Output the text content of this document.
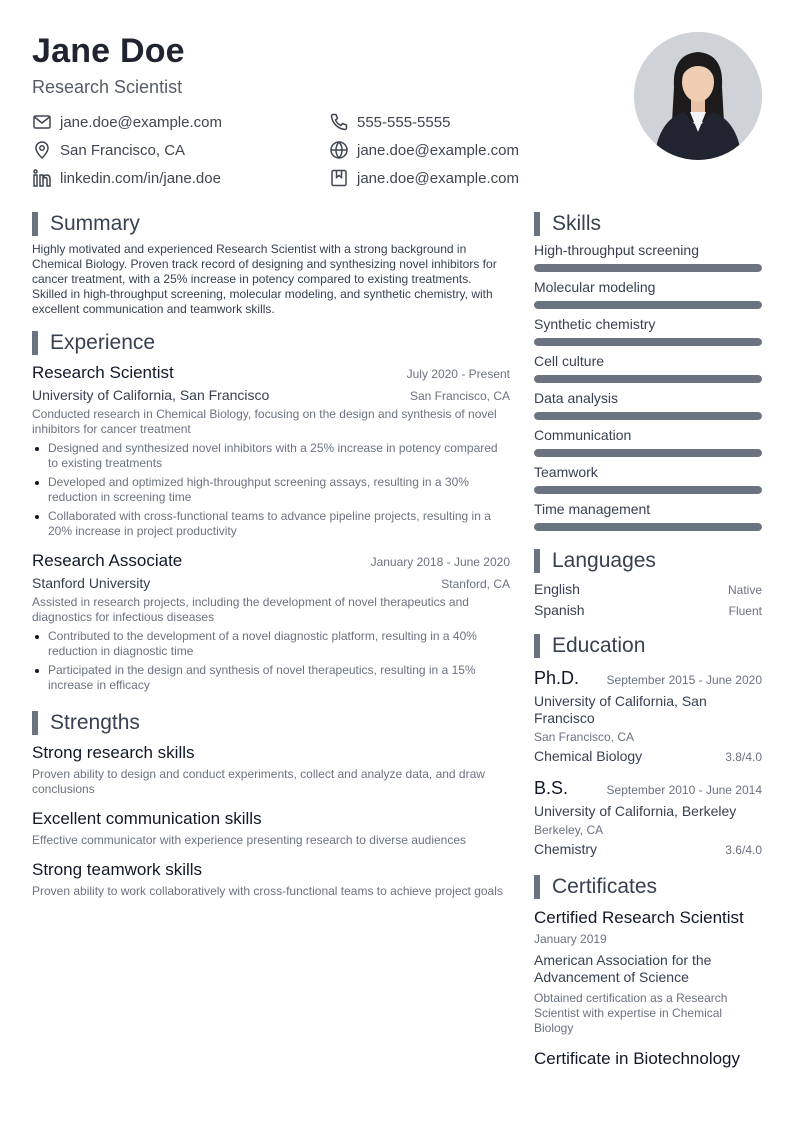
Jane Doe
Research Scientist
jane.doe@example.com	555-555-5555
San Francisco, CA	jane.doe@example.com
linkedin.com/in/jane.doe	jane.doe@example.com
Summary
Highly motivated and experienced Research Scientist with a strong background in Chemical Biology. Proven track record of designing and synthesizing novel inhibitors for cancer treatment, with a 25% increase in potency compared to existing treatments. Skilled in high-throughput screening, molecular modeling, and synthetic chemistry, with excellent communication and teamwork skills.
Experience
Research Scientist	July 2020 - Present
University of California, San Francisco	San Francisco, CA
Conducted research in Chemical Biology, focusing on the design and synthesis of novel inhibitors for cancer treatment
Designed and synthesized novel inhibitors with a 25% increase in potency compared to existing treatments
Developed and optimized high-throughput screening assays, resulting in a 30% reduction in screening time
Collaborated with cross-functional teams to advance pipeline projects, resulting in a 20% increase in project productivity
Research Associate	January 2018 - June 2020
Stanford University	Stanford, CA
Assisted in research projects, including the development of novel therapeutics and diagnostics for infectious diseases
Contributed to the development of a novel diagnostic platform, resulting in a 40% reduction in diagnostic time
Participated in the design and synthesis of novel therapeutics, resulting in a 15% increase in efficacy
Strengths
Strong research skills
Proven ability to design and conduct experiments, collect and analyze data, and draw conclusions
Excellent communication skills
Effective communicator with experience presenting research to diverse audiences
Strong teamwork skills
Proven ability to work collaboratively with cross-functional teams to achieve project goals
Skills
High-throughput screening
Molecular modeling
Synthetic chemistry
Cell culture
Data analysis
Communication
Teamwork
Time management
Languages
English	Native
Spanish	Fluent
Education
Ph.D. September 2015 - June 2020
University of California, San Francisco
San Francisco, CA
Chemical Biology	3.8/4.0
B.S.	September 2010 - June 2014
University of California, Berkeley
Berkeley, CA
Chemistry	3.6/4.0
Certificates
Certified Research Scientist
January 2019
American Association for the Advancement of Science
Obtained certification as a Research Scientist with expertise in Chemical Biology
Certificate in Biotechnology
